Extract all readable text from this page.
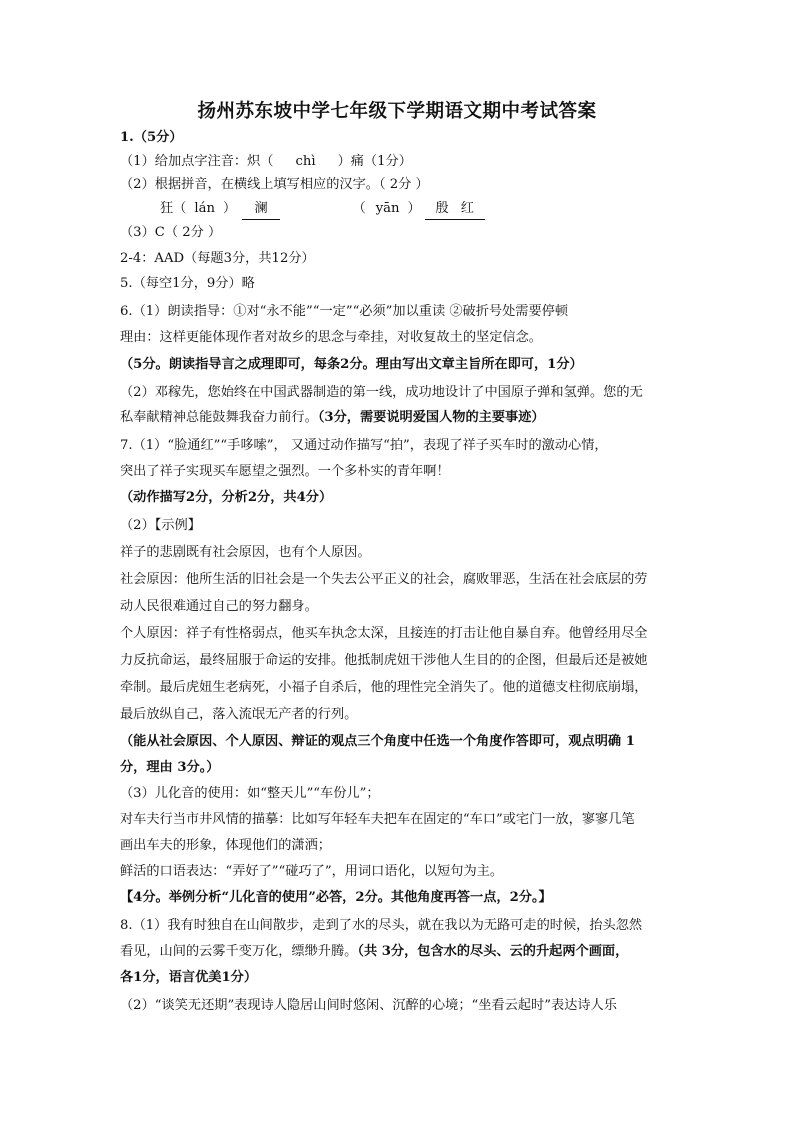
扬州苏东坡中学七年级下学期语文期中考试答案
1.（5分）
（1）给加点字注音：炽（ chì ）痛（1分）
（2）根据拼音，在横线上填写相应的汉字。（ 2分 ）
狂（ lán ） 澜	（ yān ） 殷 红
（3）C（ 2分 ）
2-4：AAD（每题3分，共12分）
5.（每空1分，9分）略
6.（1）朗读指导：①对“永不能”“一定”“必须”加以重读 ②破折号处需要停顿
理由：这样更能体现作者对故乡的思念与牵挂，对收复故土的坚定信念。
（5分。朗读指导言之成理即可，每条2分。理由写出文章主旨所在即可，1分）
（2）邓稼先，您始终在中国武器制造的第一线，成功地设计了中国原子弹和氢弹。您的无
私奉献精神总能鼓舞我奋力前行。（3分，需要说明爱国人物的主要事迹）
7.（1）“脸通红”“手哆嗦”， 又通过动作描写“拍”，表现了祥子买车时的激动心情，
突出了祥子实现买车愿望之强烈。一个多朴实的青年啊！
（动作描写2分，分析2分，共4分）
（2）【示例】
祥子的悲剧既有社会原因，也有个人原因。
社会原因：他所生活的旧社会是一个失去公平正义的社会，腐败罪恶，生活在社会底层的劳
动人民很难通过自己的努力翻身。
个人原因：祥子有性格弱点，他买车执念太深，且接连的打击让他自暴自弃。他曾经用尽全
力反抗命运，最终屈服于命运的安排。他抵制虎妞干涉他人生目的的企图，但最后还是被她
牵制。最后虎妞生老病死，小福子自杀后，他的理性完全消失了。他的道德支柱彻底崩塌，
最后放纵自己，落入流氓无产者的行列。
（能从社会原因、个人原因、辩证的观点三个角度中任选一个角度作答即可，观点明确 1
分，理由 3分。）
（3）儿化音的使用：如“整天儿”“车份儿”；
对车夫行当市井风情的描摹：比如写年轻车夫把车在固定的“车口”或宅门一放，寥寥几笔
画出车夫的形象，体现他们的潇洒；
鲜活的口语表达：“弄好了”“碰巧了”，用词口语化，以短句为主。
【4分。举例分析“儿化音的使用”必答，2分。其他角度再答一点，2分。】
8.（1）我有时独自在山间散步，走到了水的尽头，就在我以为无路可走的时候，抬头忽然
看见，山间的云雾千变万化，缥缈升腾。（共 3分，包含水的尽头、云的升起两个画面，
各1分，语言优美1分）
（2）“谈笑无还期”表现诗人隐居山间时悠闲、沉醉的心境；“坐看云起时”表达诗人乐
